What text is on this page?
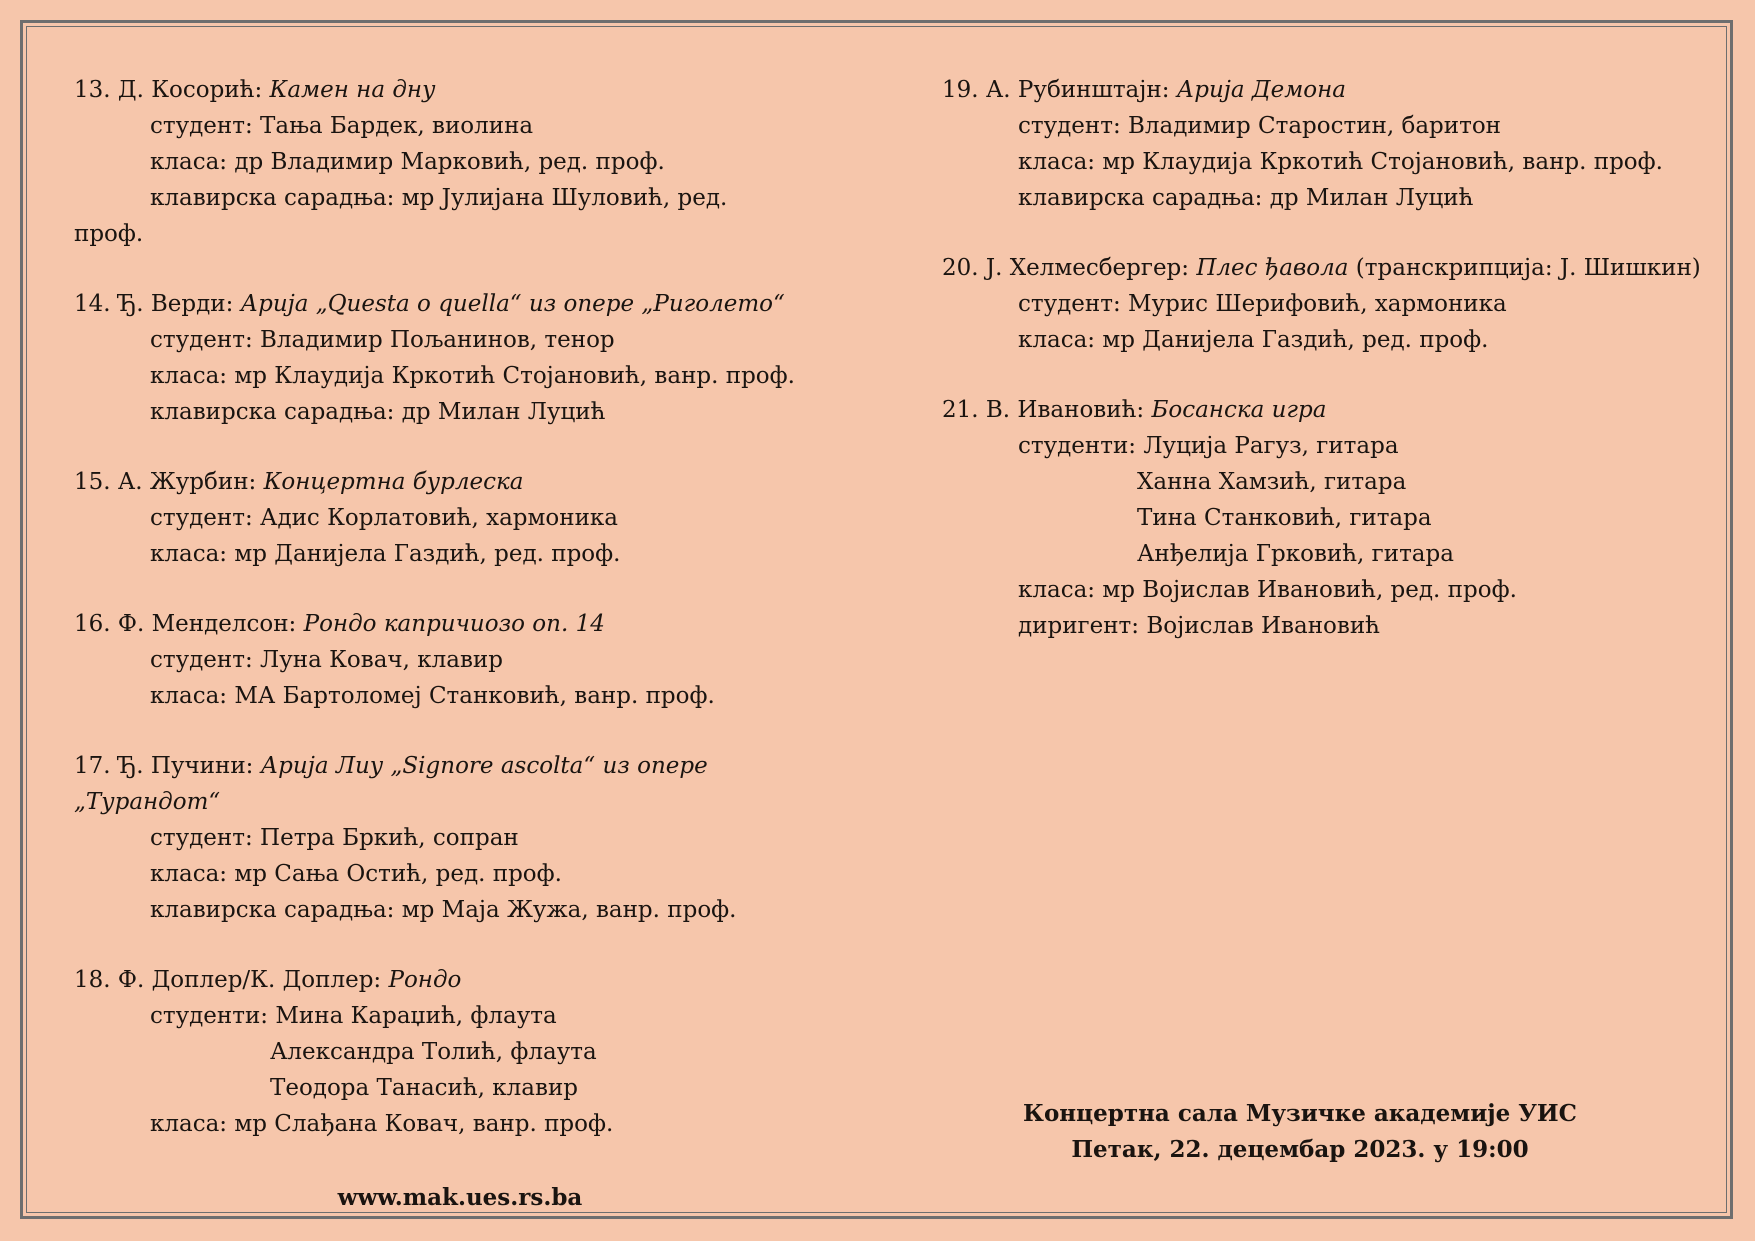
13. Д. Косорић: Камен на дну
студент: Тања Бардек, виолина
класа: др Владимир Марковић, ред. проф.
клавирска сарадња: мр Јулијана Шуловић, ред.
проф.
14. Ђ. Верди: Арија „Questa o quella“ из опере „Риголето“
студент: Владимир Пољанинов, тенор
класа: мр Клаудија Кркотић Стојановић, ванр. проф.
клавирска сарадња: др Милан Луцић
15. А. Журбин: Концертна бурлеска
студент: Адис Корлатовић, хармоника
класа: мр Данијела Газдић, ред. проф.
16. Ф. Менделсон: Рондо капричиозо оп. 14
студент: Луна Ковач, клавир
класа: МА Бартоломеј Станковић, ванр. проф.
17. Ђ. Пучини: Арија Лиу „Signore ascolta“ из опере
„Турандот“
студент: Петра Бркић, сопран
класа: мр Сања Остић, ред. проф.
клавирска сарадња: мр Маја Жужа, ванр. проф.
18. Ф. Доплер/К. Доплер: Рондо
студенти: Мина Караџић, флаута
Александра Толић, флаута
Теодора Танасић, клавир
класа: мр Слађана Ковач, ванр. проф.
19. А. Рубинштајн: Арија Демона
студент: Владимир Старостин, баритон
класа: мр Клаудија Кркотић Стојановић, ванр. проф.
клавирска сарадња: др Милан Луцић
20. Ј. Хелмесбергер: Плес ђавола (транскрипција: Ј. Шишкин)
студент: Мурис Шерифовић, хармоника
класа: мр Данијела Газдић, ред. проф.
21. В. Ивановић: Босанска игра
студенти: Луција Рагуз, гитара
Ханна Хамзић, гитара
Тина Станковић, гитара
Анђелија Грковић, гитара
класа: мр Војислав Ивановић, ред. проф.
диригент: Војислав Ивановић
Концертна сала Музичке академије УИС
Петак, 22. децембар 2023. у 19:00
www.mak.ues.rs.ba
